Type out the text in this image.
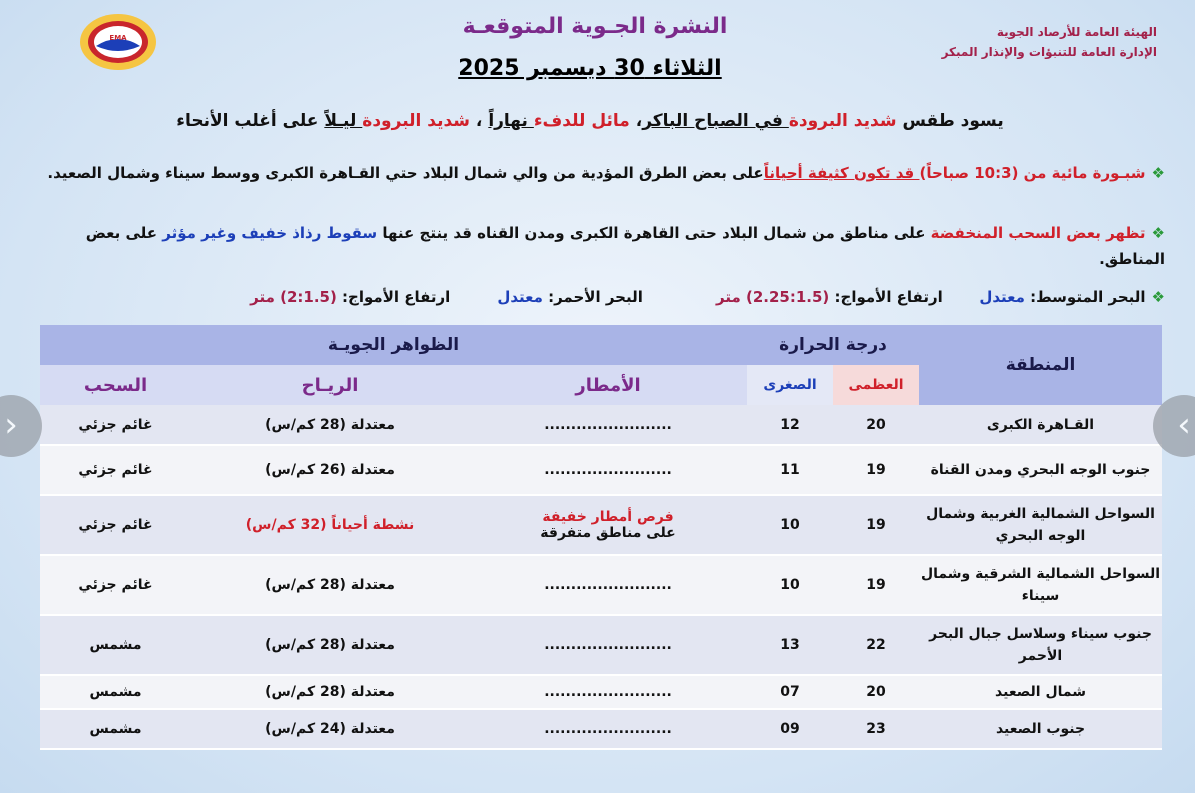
الهيئة العامة للأرصاد الجوية
الإدارة العامة للتنبؤات والإنذار المبكر
EMA	النشرة الجـوية المتوقعـة
الثلاثاء 30 ديسمبر 2025
يسود طقس شديد البرودة في الصباح الباكر، مائل للدفء نهاراً ، شديد البرودة ليـلاً على أغلب الأنحاء
❖شبـورة مائية من (10:3 صباحاً) قد تكون كثيفة أحياناًعلى بعض الطرق المؤدية من والي شمال البلاد حتي القـاهرة الكبرى ووسط سيناء وشمال الصعيد.
❖تظهر بعض السحب المنخفضة على مناطق من شمال البلاد حتى القاهرة الكبرى ومدن القناه قد ينتج عنها سقوط رذاذ خفيف وغير مؤثر على بعض المناطق.
❖البحر المتوسط: معتدل       ارتفاع الأمواج: (2.25:1.5) متر              البحر الأحمر: معتدل         ارتفاع الأمواج: (2:1.5) متر
المنطقة	درجة الحرارة		الظواهر الجويـة		
	العظمى	الصغرى	الأمطار	الريـاح	السحب
القـاهرة الكبرى	20	12	........................	معتدلة (28 كم/س)	غائم جزئي
جنوب الوجه البحري ومدن القناة	19	11	........................	معتدلة (26 كم/س)	غائم جزئي
السواحل الشمالية الغربية وشمال الوجه البحري	19	10	فرص أمطار خفيفة
على مناطق متفرقة	نشطة أحياناً (32 كم/س)	غائم جزئي
السواحل الشمالية الشرقية وشمال سيناء	19	10	........................	معتدلة (28 كم/س)	غائم جزئي
جنوب سيناء وسلاسل جبال البحر الأحمر	22	13	........................	معتدلة (28 كم/س)	مشمس
شمال الصعيد	20	07	........................	معتدلة (28 كم/س)	مشمس
جنوب الصعيد	23	09	........................	معتدلة (24 كم/س)	مشمس
‹	›
